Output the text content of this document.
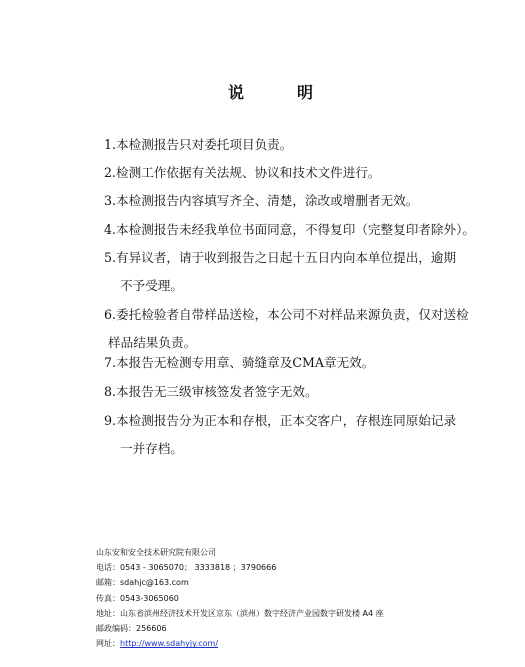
说	明
1.本检测报告只对委托项目负责。
2.检测工作依据有关法规、协议和技术文件进行。
3.本检测报告内容填写齐全、清楚，涂改或增删者无效。
4.本检测报告未经我单位书面同意，不得复印（完整复印者除外）。
5.有异议者，请于收到报告之日起十五日内向本单位提出，逾期
不予受理。
6.委托检验者自带样品送检，本公司不对样品来源负责，仅对送检
样品结果负责。
7.本报告无检测专用章、骑缝章及CMA章无效。
8.本报告无三级审核签发者签字无效。
9.本检测报告分为正本和存根，正本交客户，存根连同原始记录
一并存档。
山东安和安全技术研究院有限公司
电话：0543 - 3065070； 3333818 ；3790666
邮箱：sdahjc@163.com
传真：0543-3065060
地址：山东省滨州经济技术开发区京东（滨州）数字经济产业园数字研发楼 A4 座
邮政编码：256606
网址：http://www.sdahyjy.com/
